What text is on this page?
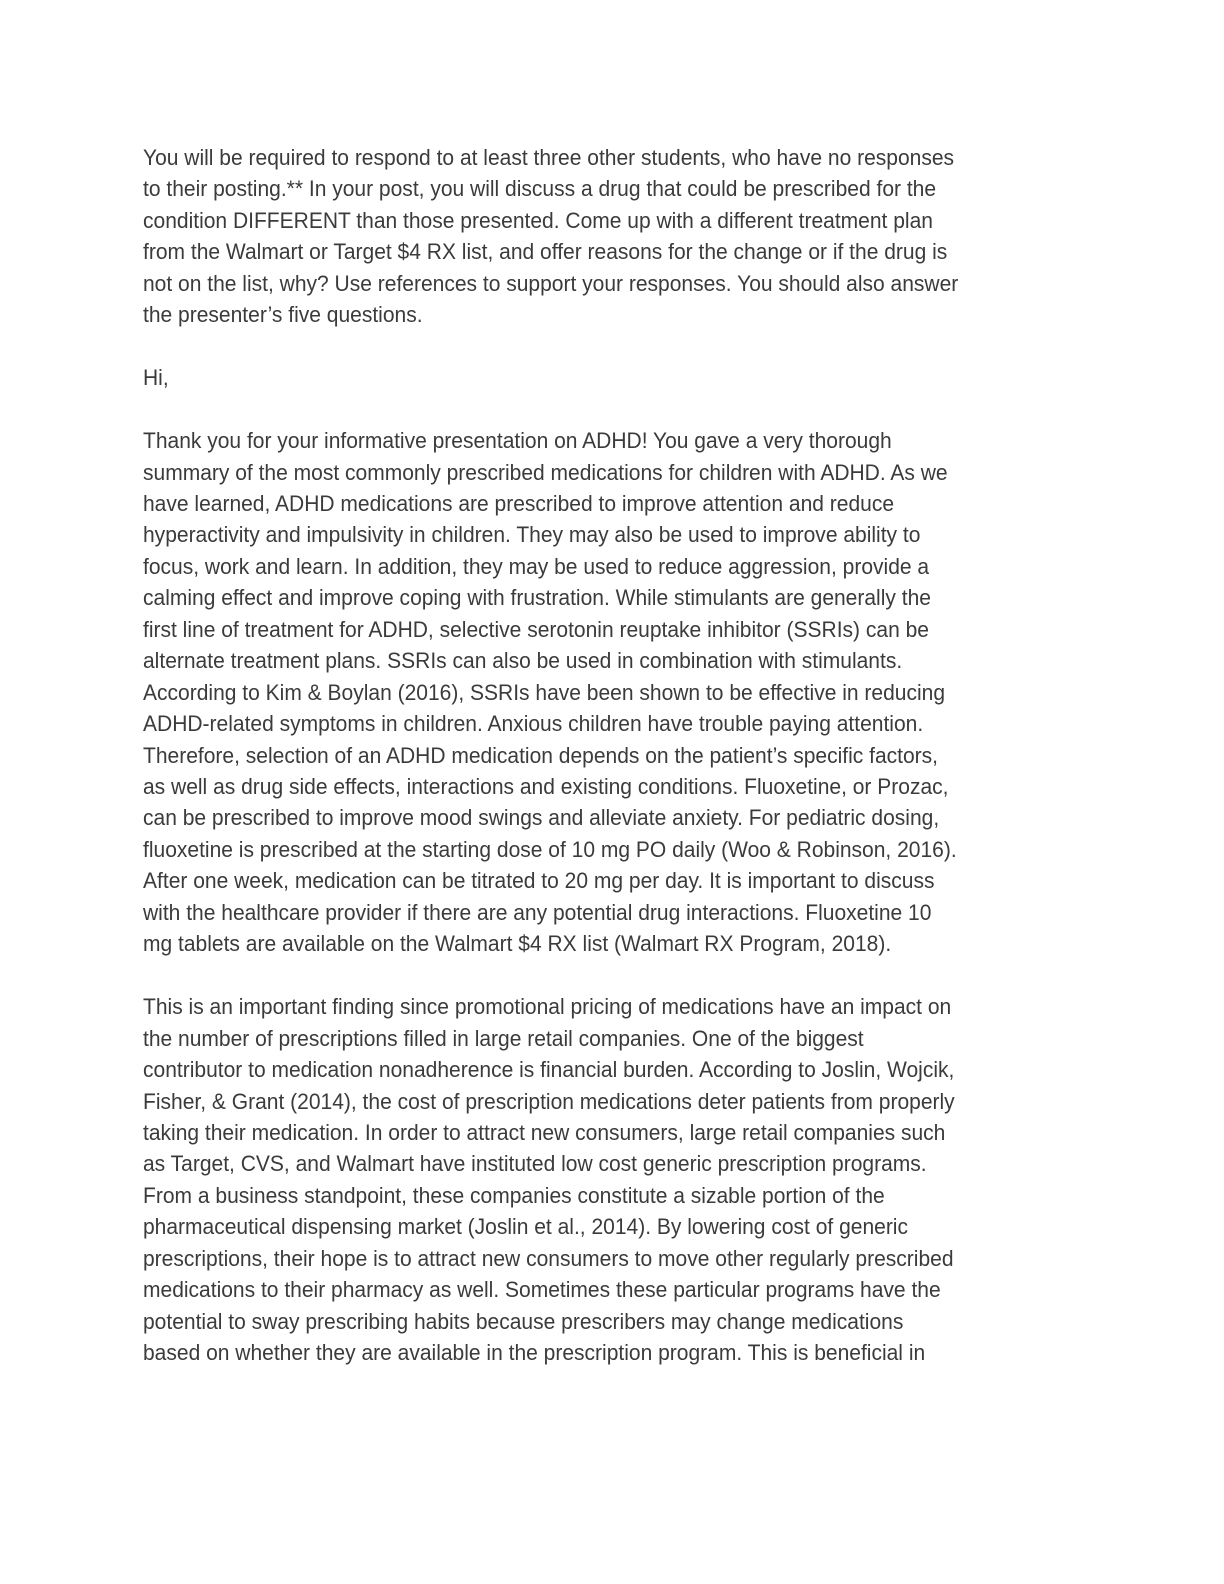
You will be required to respond to at least three other students, who have no responses
to their posting.** In your post, you will discuss a drug that could be prescribed for the
condition DIFFERENT than those presented. Come up with a different treatment plan
from the Walmart or Target $4 RX list, and offer reasons for the change or if the drug is
not on the list, why? Use references to support your responses. You should also answer
the presenter’s five questions.

Hi,

Thank you for your informative presentation on ADHD! You gave a very thorough
summary of the most commonly prescribed medications for children with ADHD. As we
have learned, ADHD medications are prescribed to improve attention and reduce
hyperactivity and impulsivity in children. They may also be used to improve ability to
focus, work and learn. In addition, they may be used to reduce aggression, provide a
calming effect and improve coping with frustration. While stimulants are generally the
first line of treatment for ADHD, selective serotonin reuptake inhibitor (SSRIs) can be
alternate treatment plans. SSRIs can also be used in combination with stimulants.
According to Kim & Boylan (2016), SSRIs have been shown to be effective in reducing
ADHD-related symptoms in children. Anxious children have trouble paying attention.
Therefore, selection of an ADHD medication depends on the patient’s specific factors,
as well as drug side effects, interactions and existing conditions. Fluoxetine, or Prozac,
can be prescribed to improve mood swings and alleviate anxiety. For pediatric dosing,
fluoxetine is prescribed at the starting dose of 10 mg PO daily (Woo & Robinson, 2016).
After one week, medication can be titrated to 20 mg per day. It is important to discuss
with the healthcare provider if there are any potential drug interactions. Fluoxetine 10
mg tablets are available on the Walmart $4 RX list (Walmart RX Program, 2018).

This is an important finding since promotional pricing of medications have an impact on
the number of prescriptions filled in large retail companies. One of the biggest
contributor to medication nonadherence is financial burden. According to Joslin, Wojcik,
Fisher, & Grant (2014), the cost of prescription medications deter patients from properly
taking their medication. In order to attract new consumers, large retail companies such
as Target, CVS, and Walmart have instituted low cost generic prescription programs.
From a business standpoint, these companies constitute a sizable portion of the
pharmaceutical dispensing market (Joslin et al., 2014). By lowering cost of generic
prescriptions, their hope is to attract new consumers to move other regularly prescribed
medications to their pharmacy as well. Sometimes these particular programs have the
potential to sway prescribing habits because prescribers may change medications
based on whether they are available in the prescription program. This is beneficial in
